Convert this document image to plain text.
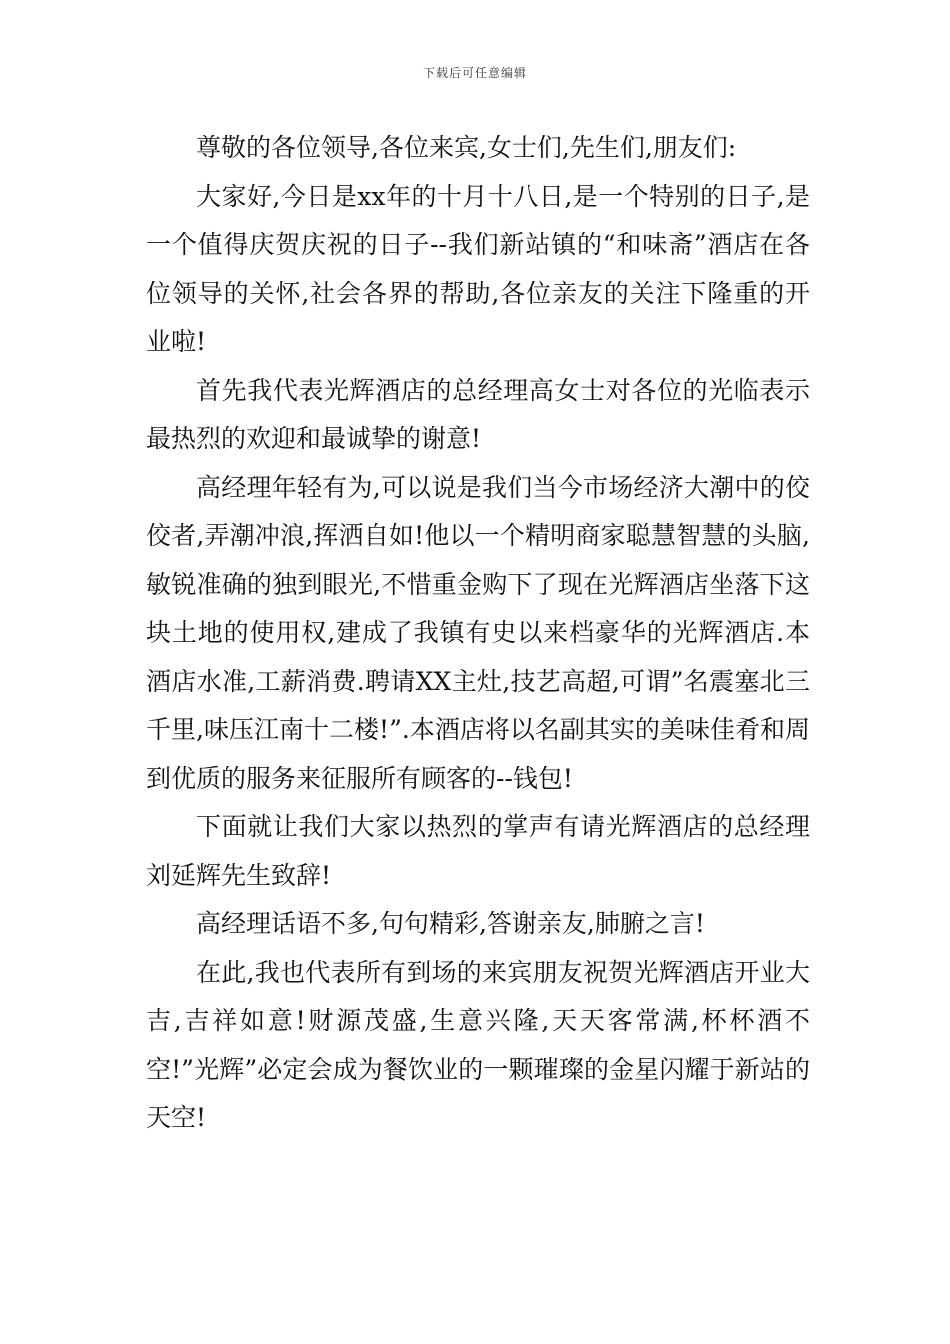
下载后可任意编辑

尊敬的各位领导,各位来宾,女士们,先生们,朋友们:

大家好,今日是xx年的十月十八日,是一个特别的日子,是一个值得庆贺庆祝的日子--我们新站镇的“和味斋”酒店在各位领导的关怀,社会各界的帮助,各位亲友的关注下隆重的开业啦!

首先我代表光辉酒店的总经理高女士对各位的光临表示最热烈的欢迎和最诚挚的谢意!

高经理年轻有为,可以说是我们当今市场经济大潮中的佼佼者,弄潮冲浪,挥洒自如!他以一个精明商家聪慧智慧的头脑,敏锐准确的独到眼光,不惜重金购下了现在光辉酒店坐落下这块土地的使用权,建成了我镇有史以来档豪华的光辉酒店.本酒店水准,工薪消费.聘请XX主灶,技艺高超,可谓”名震塞北三千里,味压江南十二楼!”.本酒店将以名副其实的美味佳肴和周到优质的服务来征服所有顾客的--钱包!

下面就让我们大家以热烈的掌声有请光辉酒店的总经理刘延辉先生致辞!

高经理话语不多,句句精彩,答谢亲友,肺腑之言!

在此,我也代表所有到场的来宾朋友祝贺光辉酒店开业大吉,吉祥如意!财源茂盛,生意兴隆,天天客常满,杯杯酒不空!”光辉”必定会成为餐饮业的一颗璀璨的金星闪耀于新站的天空!
